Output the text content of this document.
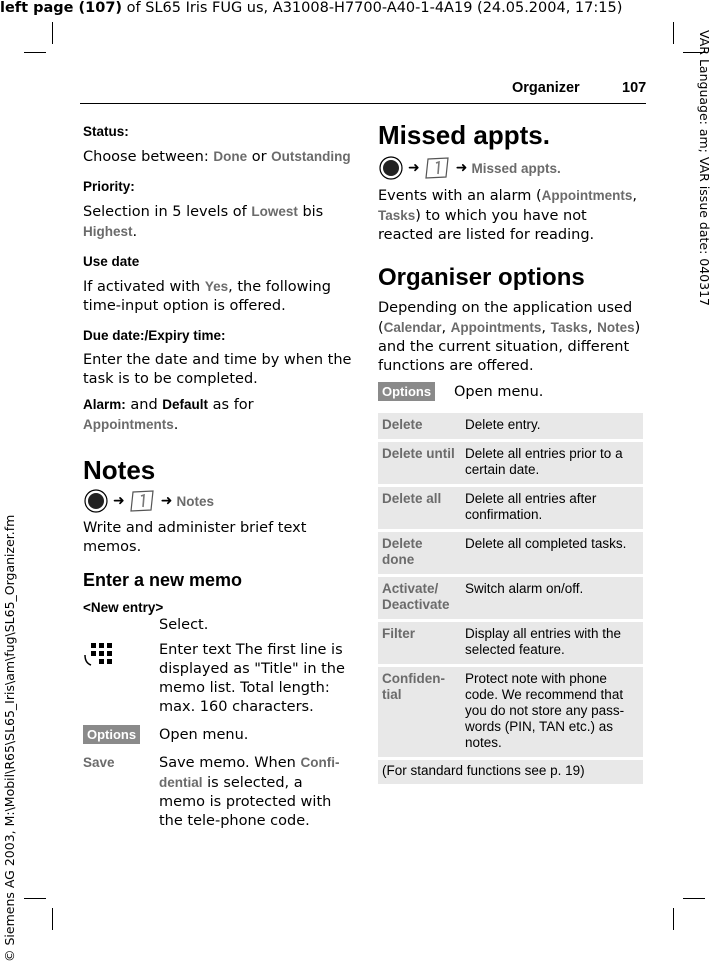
left page (107) of SL65 Iris FUG us, A31008-H7700-A40-1-4A19 (24.05.2004, 17:15)
VAR Language: am; VAR issue date: 040317
© Siemens AG 2003, M:\Mobil\R65\SL65_Iris\am\fug\SL65_Organizer.fm
Organizer	107

Status:

Choose between: Done or Outstanding

Priority:

Selection in 5 levels of Lowest bis
Highest.

Use date

If activated with Yes, the following time-input option is offered.

Due date:/Expiry time:

Enter the date and time by when the task is to be completed.

Alarm: and Default as for Appointments.

Notes
➜	➜ Notes

Write and administer brief text memos.

Enter a new memo

<New entry>

Select.
Enter text The first line is displayed as "Title" in the memo list. Total length: max. 160 characters.
Options	Open menu.
Save	Save memo. When Confi-dential is selected, a memo is protected with the tele-phone code.
Missed appts.
➜	➜ Missed appts.

Events with an alarm (Appointments, Tasks) to which you have not reacted are listed for reading.

Organiser options

Depending on the application used (Calendar, Appointments, Tasks, Notes) and the current situation, different functions are offered.

Options	Open menu.
Delete	Delete entry.
Delete until	Delete all entries prior to a certain date.
Delete all	Delete all entries after confirmation.
Delete done	Delete all completed tasks.
Activate/ Deactivate	Switch alarm on/off.
Filter	Display all entries with the selected feature.
Confiden-tial	Protect note with phone code. We recommend that you do not store any pass-words (PIN, TAN etc.) as notes.
(For standard functions see p. 19)	
